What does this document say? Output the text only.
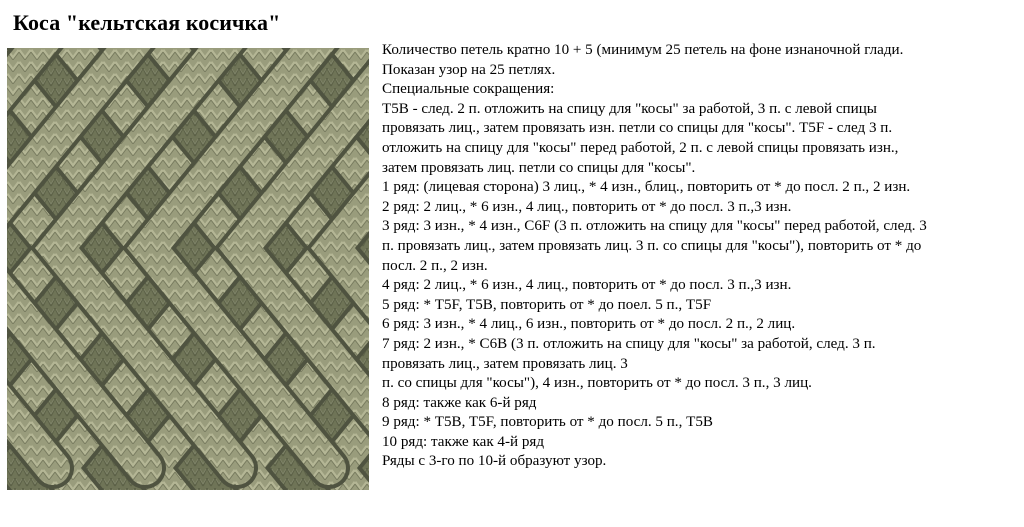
Коса "кельтская косичка"

Количество петель кратно 10 + 5 (минимум 25 петель на фоне изнаночной глади.

Показан узор на 25 петлях.

Специальные сокращения:

T5B - след. 2 п. отложить на спицу для "косы" за работой, 3 п. с левой спицы

провязать лиц., затем провязать изн. петли со спицы для "косы". T5F - след 3 п.

отложить на спицу для "косы" перед работой, 2 п. с левой спицы провязать изн.,

затем провязать лиц. петли со спицы для "косы".

1 ряд: (лицевая сторона) 3 лиц., * 4 изн., блиц., повторить от * до посл. 2 п., 2 изн.

2 ряд: 2 лиц., * 6 изн., 4 лиц., повторить от * до посл. 3 п.,3 изн.

3 ряд: 3 изн., * 4 изн., C6F (3 п. отложить на спицу для "косы" перед работой, след. 3

п. провязать лиц., затем провязать лиц. 3 п. со спицы для "косы"), повторить от * до

посл. 2 п., 2 изн.

4 ряд: 2 лиц., * 6 изн., 4 лиц., повторить от * до посл. 3 п.,3 изн.

5 ряд: * T5F, T5B, повторить от * до поел. 5 п., T5F

6 ряд: 3 изн., * 4 лиц., 6 изн., повторить от * до посл. 2 п., 2 лиц.

7 ряд: 2 изн., * C6B (3 п. отложить на спицу для "косы" за работой, след. 3 п.

провязать лиц., затем провязать лиц. 3

п. со спицы для "косы"), 4 изн., повторить от * до посл. 3 п., 3 лиц.

8 ряд: также как 6-й ряд

9 ряд: * T5B, T5F, повторить от * до посл. 5 п., T5B

10 ряд: также как 4-й ряд

Ряды с 3-го по 10-й образуют узор.
